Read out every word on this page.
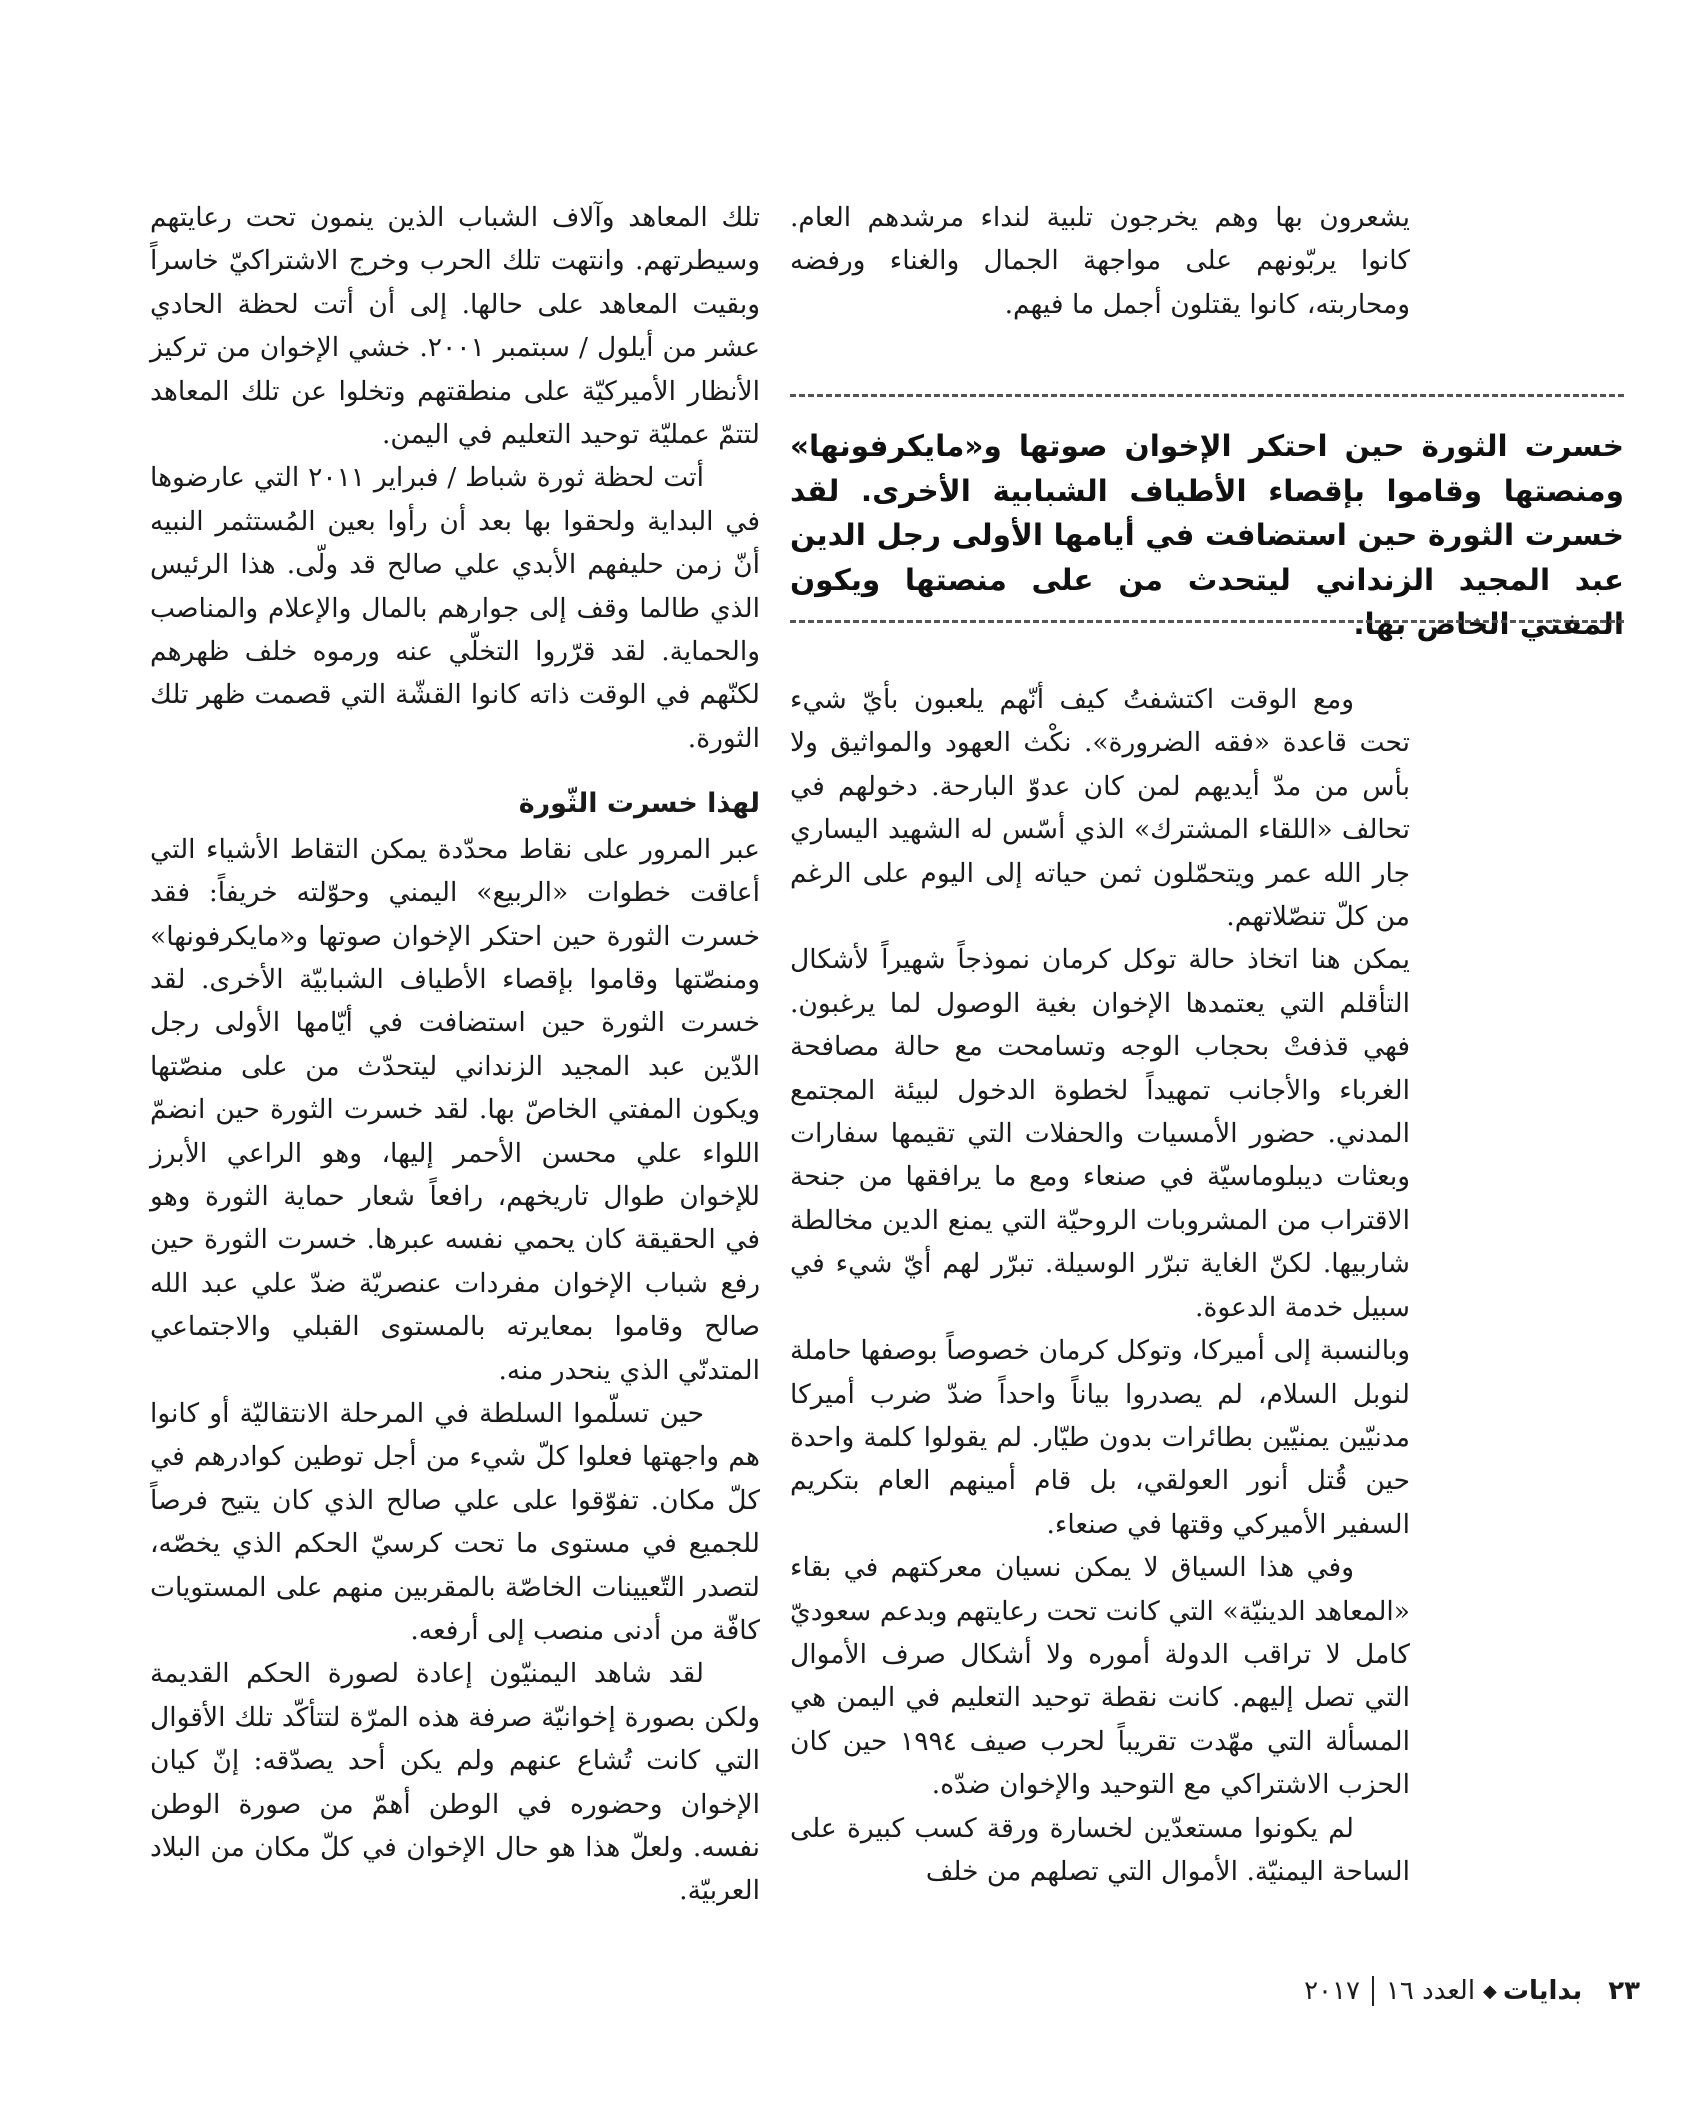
يشعرون بها وهم يخرجون تلبية لنداء مرشدهم العام. كانوا يربّونهم على مواجهة الجمال والغناء ورفضه ومحاربته، كانوا يقتلون أجمل ما فيهم.

خسرت الثورة حين احتكر الإخوان صوتها و«مايكرفونها» ومنصتها وقاموا بإقصاء الأطياف الشبابية الأخرى. لقد خسرت الثورة حين استضافت في أيامها الأولى رجل الدين عبد المجيد الزنداني ليتحدث من على منصتها ويكون المفتي الخاص بها.

ومع الوقت اكتشفتُ كيف أنّهم يلعبون بأيّ شيء تحت قاعدة «فقه الضرورة». نكْث العهود والمواثيق ولا بأس من مدّ أيديهم لمن كان عدوّ البارحة. دخولهم في تحالف «اللقاء المشترك» الذي أسّس له الشهيد اليساري جار الله عمر ويتحمّلون ثمن حياته إلى اليوم على الرغم من كلّ تنصّلاتهم.

يمكن هنا اتخاذ حالة توكل كرمان نموذجاً شهيراً لأشكال التأقلم التي يعتمدها الإخوان بغية الوصول لما يرغبون. فهي قذفتْ بحجاب الوجه وتسامحت مع حالة مصافحة الغرباء والأجانب تمهيداً لخطوة الدخول لبيئة المجتمع المدني. حضور الأمسيات والحفلات التي تقيمها سفارات وبعثات ديبلوماسيّة في صنعاء ومع ما يرافقها من جنحة الاقتراب من المشروبات الروحيّة التي يمنع الدين مخالطة شاربيها. لكنّ الغاية تبرّر الوسيلة. تبرّر لهم أيّ شيء في سبيل خدمة الدعوة.

وبالنسبة إلى أميركا، وتوكل كرمان خصوصاً بوصفها حاملة لنوبل السلام، لم يصدروا بياناً واحداً ضدّ ضرب أميركا مدنيّين يمنيّين بطائرات بدون طيّار. لم يقولوا كلمة واحدة حين قُتل أنور العولقي، بل قام أمينهم العام بتكريم السفير الأميركي وقتها في صنعاء.

وفي هذا السياق لا يمكن نسيان معركتهم في بقاء «المعاهد الدينيّة» التي كانت تحت رعايتهم وبدعم سعوديّ كامل لا تراقب الدولة أموره ولا أشكال صرف الأموال التي تصل إليهم. كانت نقطة توحيد التعليم في اليمن هي المسألة التي مهّدت تقريباً لحرب صيف ١٩٩٤ حين كان الحزب الاشتراكي مع التوحيد والإخوان ضدّه.

لم يكونوا مستعدّين لخسارة ورقة كسب كبيرة على الساحة اليمنيّة. الأموال التي تصلهم من خلف

تلك المعاهد وآلاف الشباب الذين ينمون تحت رعايتهم وسيطرتهم. وانتهت تلك الحرب وخرج الاشتراكيّ خاسراً وبقيت المعاهد على حالها. إلى أن أتت لحظة الحادي عشر من أيلول / سبتمبر ٢٠٠١. خشي الإخوان من تركيز الأنظار الأميركيّة على منطقتهم وتخلوا عن تلك المعاهد لتتمّ عمليّة توحيد التعليم في اليمن.

أتت لحظة ثورة شباط / فبراير ٢٠١١ التي عارضوها في البداية ولحقوا بها بعد أن رأوا بعين المُستثمر النبيه أنّ زمن حليفهم الأبدي علي صالح قد ولّى. هذا الرئيس الذي طالما وقف إلى جوارهم بالمال والإعلام والمناصب والحماية. لقد قرّروا التخلّي عنه ورموه خلف ظهرهم لكنّهم في الوقت ذاته كانوا القشّة التي قصمت ظهر تلك الثورة.

لهذا خسرت الثّورة

عبر المرور على نقاط محدّدة يمكن التقاط الأشياء التي أعاقت خطوات «الربيع» اليمني وحوّلته خريفاً: فقد خسرت الثورة حين احتكر الإخوان صوتها و«مايكرفونها» ومنصّتها وقاموا بإقصاء الأطياف الشبابيّة الأخرى. لقد خسرت الثورة حين استضافت في أيّامها الأولى رجل الدّين عبد المجيد الزنداني ليتحدّث من على منصّتها ويكون المفتي الخاصّ بها. لقد خسرت الثورة حين انضمّ اللواء علي محسن الأحمر إليها، وهو الراعي الأبرز للإخوان طوال تاريخهم، رافعاً شعار حماية الثورة وهو في الحقيقة كان يحمي نفسه عبرها. خسرت الثورة حين رفع شباب الإخوان مفردات عنصريّة ضدّ علي عبد الله صالح وقاموا بمعايرته بالمستوى القبلي والاجتماعي المتدنّي الذي ينحدر منه.

حين تسلّموا السلطة في المرحلة الانتقاليّة أو كانوا هم واجهتها فعلوا كلّ شيء من أجل توطين كوادرهم في كلّ مكان. تفوّقوا على علي صالح الذي كان يتيح فرصاً للجميع في مستوى ما تحت كرسيّ الحكم الذي يخصّه، لتصدر التّعيينات الخاصّة بالمقربين منهم على المستويات كافّة من أدنى منصب إلى أرفعه.

لقد شاهد اليمنيّون إعادة لصورة الحكم القديمة ولكن بصورة إخوانيّة صرفة هذه المرّة لتتأكّد تلك الأقوال التي كانت تُشاع عنهم ولم يكن أحد يصدّقه: إنّ كيان الإخوان وحضوره في الوطن أهمّ من صورة الوطن نفسه. ولعلّ هذا هو حال الإخوان في كلّ مكان من البلاد العربيّة.

٢٣
بدايات
◆
العدد ١٦
٢٠١٧
